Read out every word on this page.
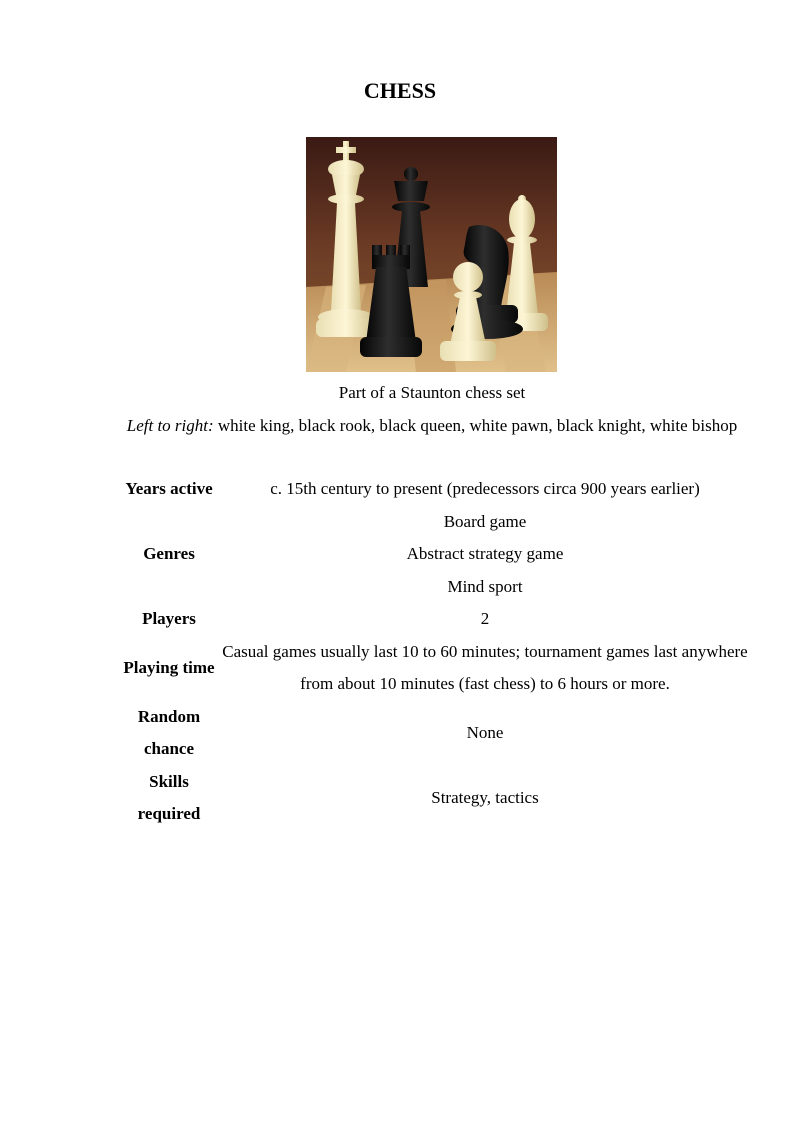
CHESS
Part of a Staunton chess set
Left to right: white king, black rook, black queen, white pawn, black knight, white bishop
Years active	c. 15th century to present (predecessors circa 900 years earlier)
Genres	Board game
Abstract strategy game
Mind sport

Players	2
Playing time	Casual games usually last 10 to 60 minutes; tournament games last anywhere from about 10 minutes (fast chess) to 6 hours or more.
Random chance	None
Skills required	Strategy, tactics
